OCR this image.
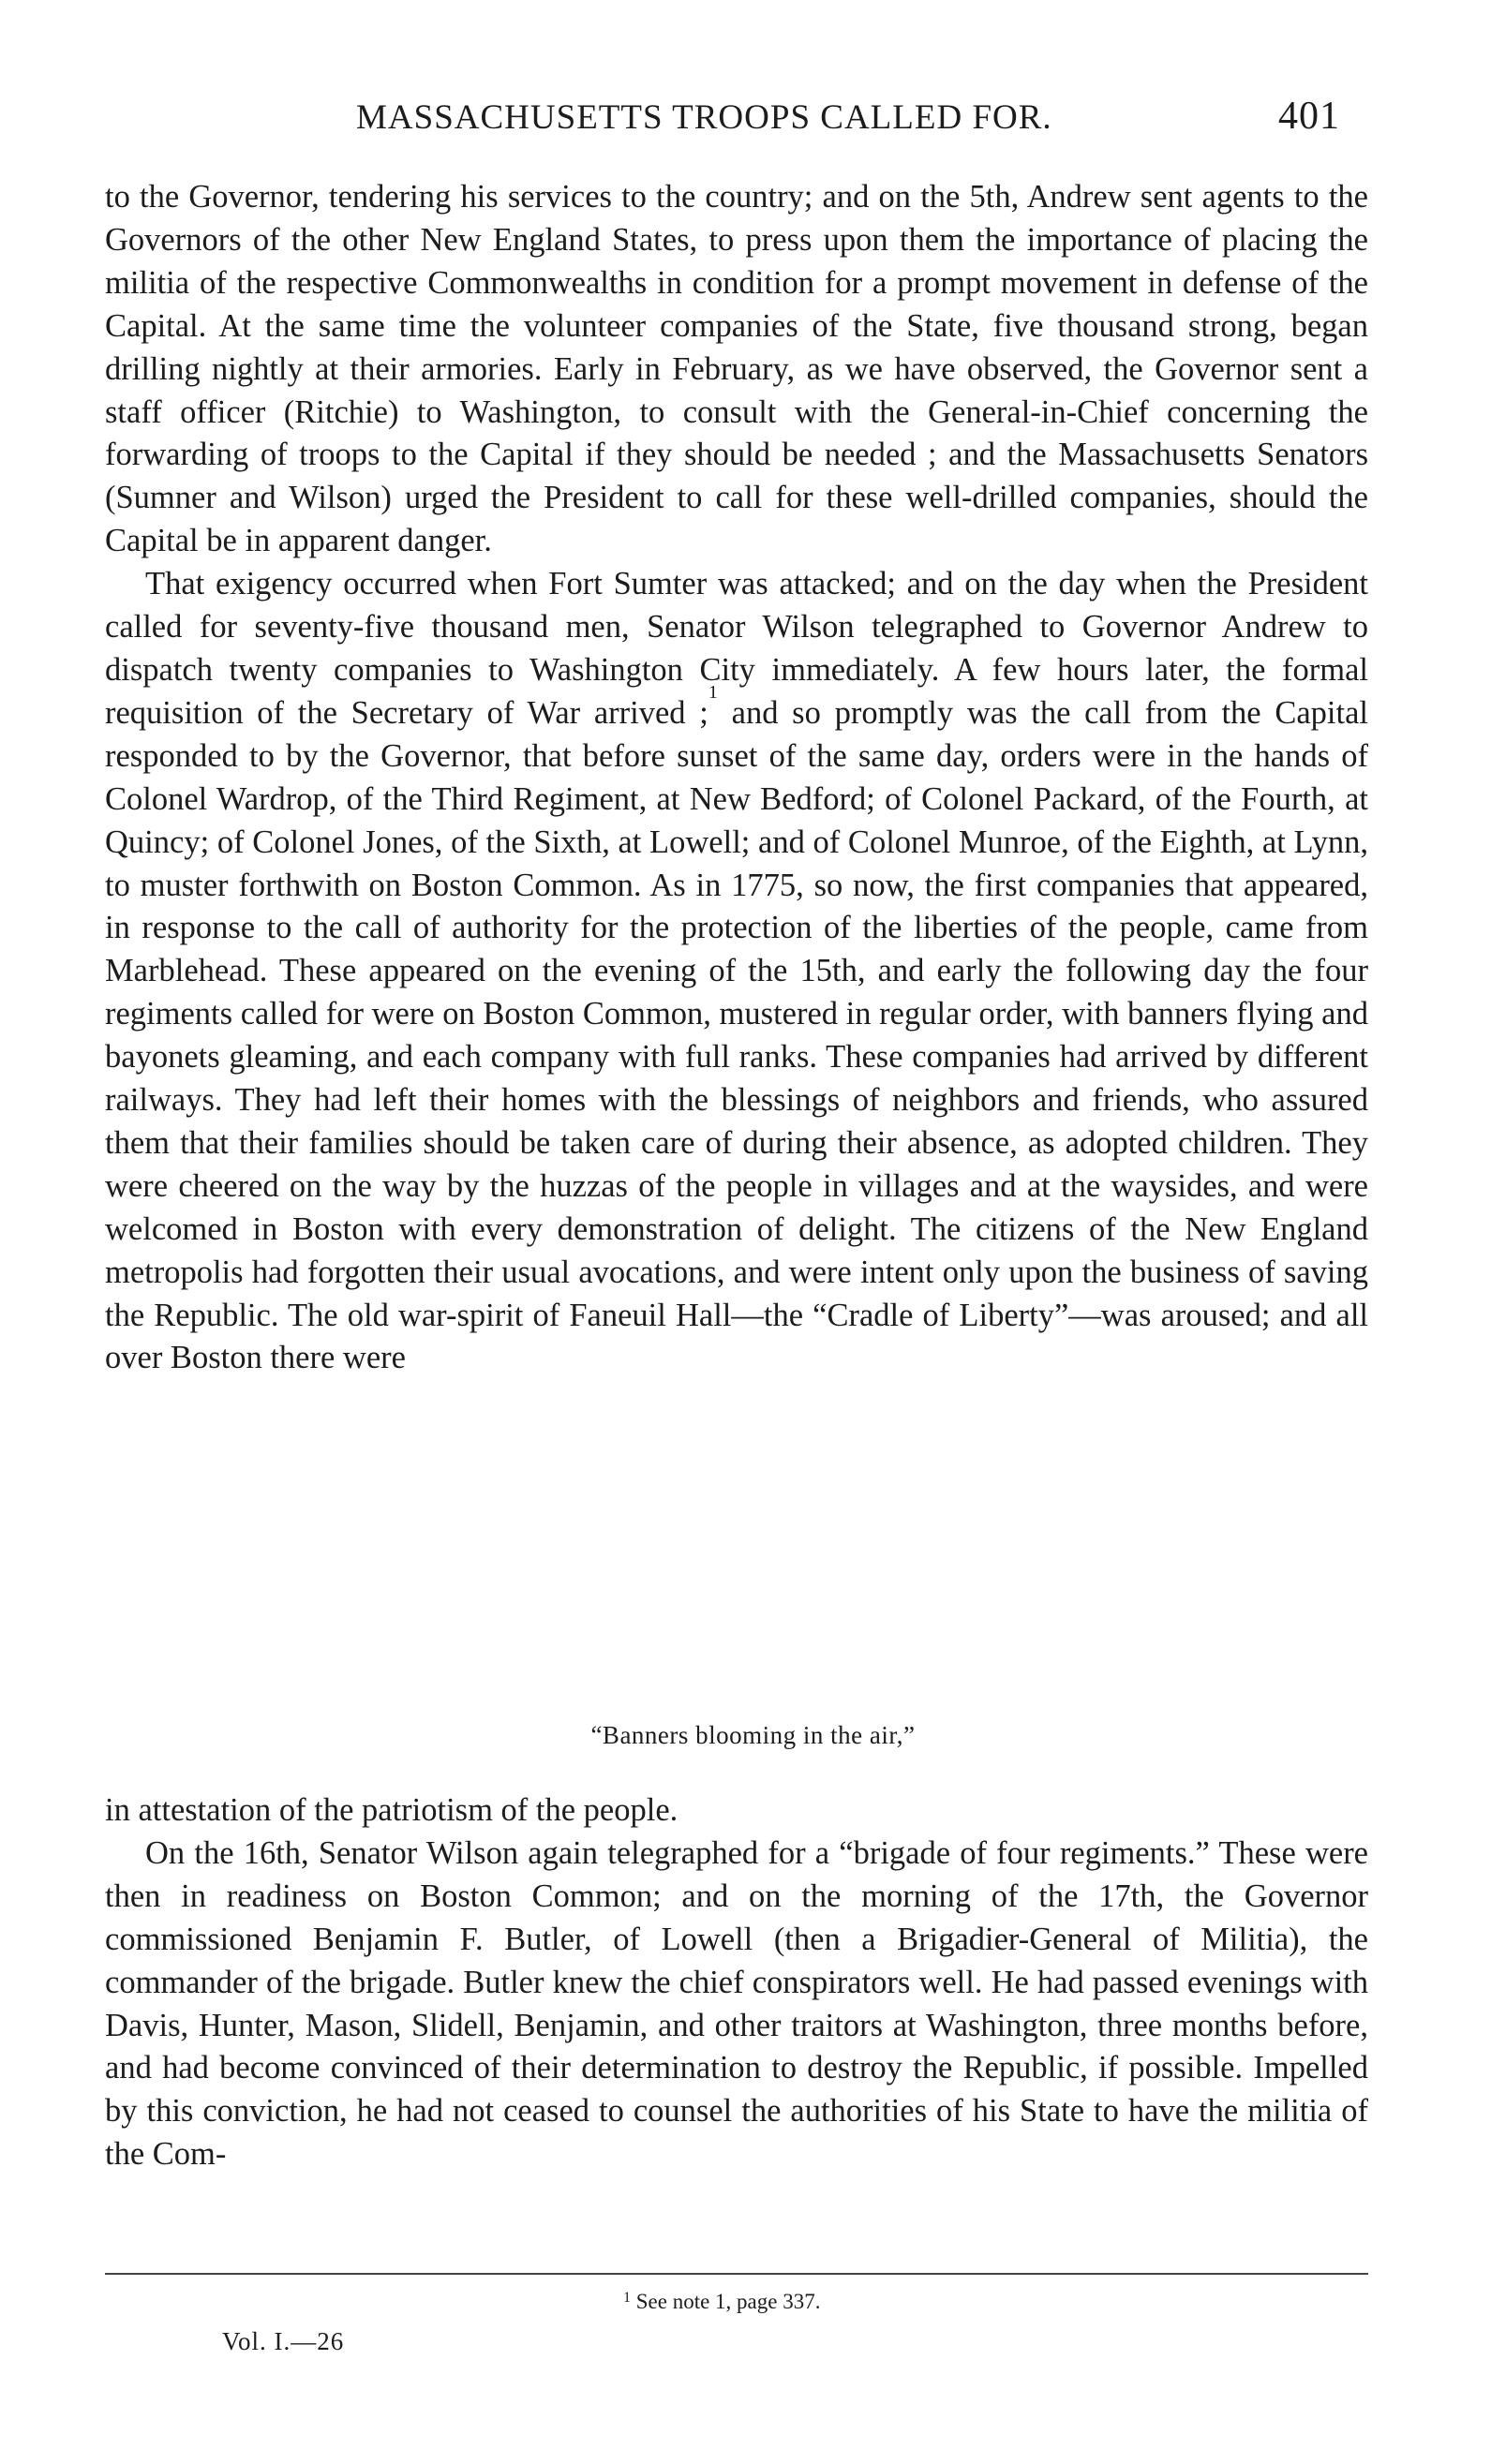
MASSACHUSETTS TROOPS CALLED FOR.	401

to the Governor, tendering his services to the country; and on the 5th, Andrew sent agents to the Governors of the other New England States, to press upon them the importance of placing the militia of the respective Commonwealths in condition for a prompt movement in defense of the Capital. At the same time the volunteer companies of the State, five thousand strong, began drilling nightly at their armories. Early in February, as we have observed, the Governor sent a staff officer (Ritchie) to Washington, to consult with the General-in-Chief concerning the forwarding of troops to the Capital if they should be needed ; and the Massachusetts Senators (Sumner and Wilson) urged the President to call for these well-drilled companies, should the Capital be in apparent danger.

That exigency occurred when Fort Sumter was attacked; and on the day when the President called for seventy-five thousand men, Senator Wilson telegraphed to Governor Andrew to dispatch twenty companies to Washington City immediately. A few hours later, the formal requisition of the Secretary of War arrived ;$^1$ and so promptly was the call from the Capital responded to by the Governor, that before sunset of the same day, orders were in the hands of Colonel Wardrop, of the Third Regiment, at New Bedford; of Colonel Packard, of the Fourth, at Quincy; of Colonel Jones, of the Sixth, at Lowell; and of Colonel Munroe, of the Eighth, at Lynn, to muster forthwith on Boston Common. As in 1775, so now, the first companies that appeared, in response to the call of authority for the protection of the liberties of the people, came from Marblehead. These appeared on the evening of the 15th, and early the following day the four regiments called for were on Boston Common, mustered in regular order, with banners flying and bayonets gleaming, and each company with full ranks. These companies had arrived by different railways. They had left their homes with the blessings of neighbors and friends, who assured them that their families should be taken care of during their absence, as adopted children. They were cheered on the way by the huzzas of the people in villages and at the waysides, and were welcomed in Boston with every demonstration of delight. The citizens of the New England metropolis had forgotten their usual avocations, and were intent only upon the business of saving the Republic. The old war-spirit of Faneuil Hall—the “Cradle of Liberty”—was aroused; and all over Boston there were

“Banners blooming in the air,”

in attestation of the patriotism of the people.

On the 16th, Senator Wilson again telegraphed for a “brigade of four regiments.” These were then in readiness on Boston Common; and on the morning of the 17th, the Governor commissioned Benjamin F. Butler, of Lowell (then a Brigadier-General of Militia), the commander of the brigade. Butler knew the chief conspirators well. He had passed evenings with Davis, Hunter, Mason, Slidell, Benjamin, and other traitors at Washington, three months before, and had become convinced of their determination to destroy the Republic, if possible. Impelled by this conviction, he had not ceased to counsel the authorities of his State to have the militia of the Com-

$^1$ See note 1, page 337.
Vol. I.—26
